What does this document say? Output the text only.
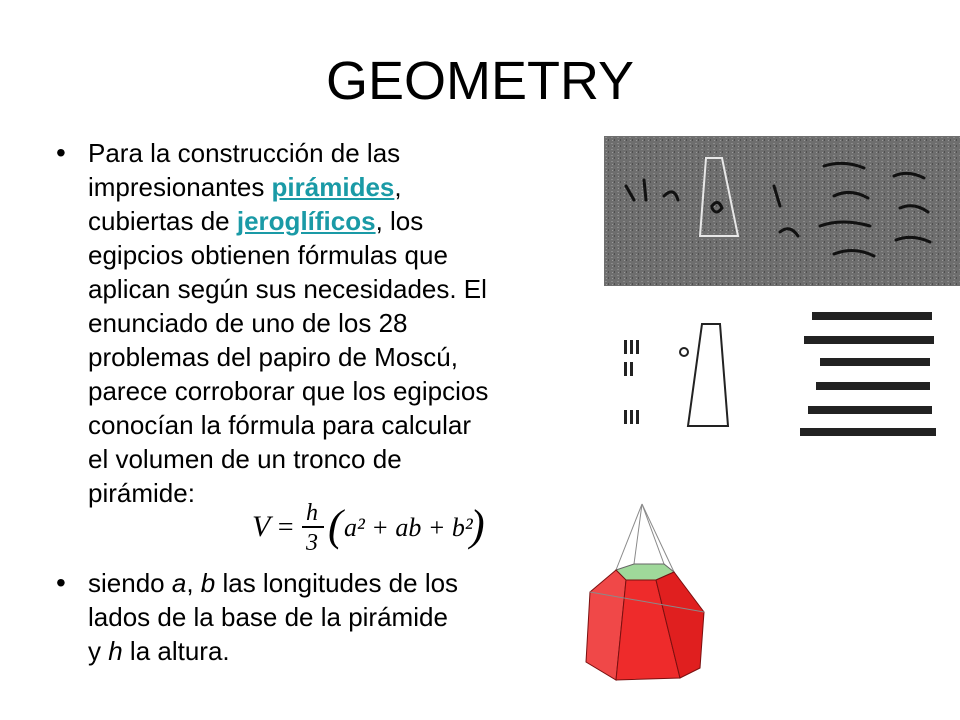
GEOMETRY
• Para la construcción de las
impresionantes pirámides,
cubiertas de jeroglíficos, los
egipcios obtienen fórmulas que
aplican según sus necesidades. El
enunciado de uno de los 28
problemas del papiro de Moscú,
parece corroborar que los egipcios
conocían la fórmula para calcular
el volumen de un tronco de
pirámide:
V = h
3 ( a² + ab + b²
)
• siendo a, b las longitudes de los
lados de la base de la pirámide
y h la altura.
